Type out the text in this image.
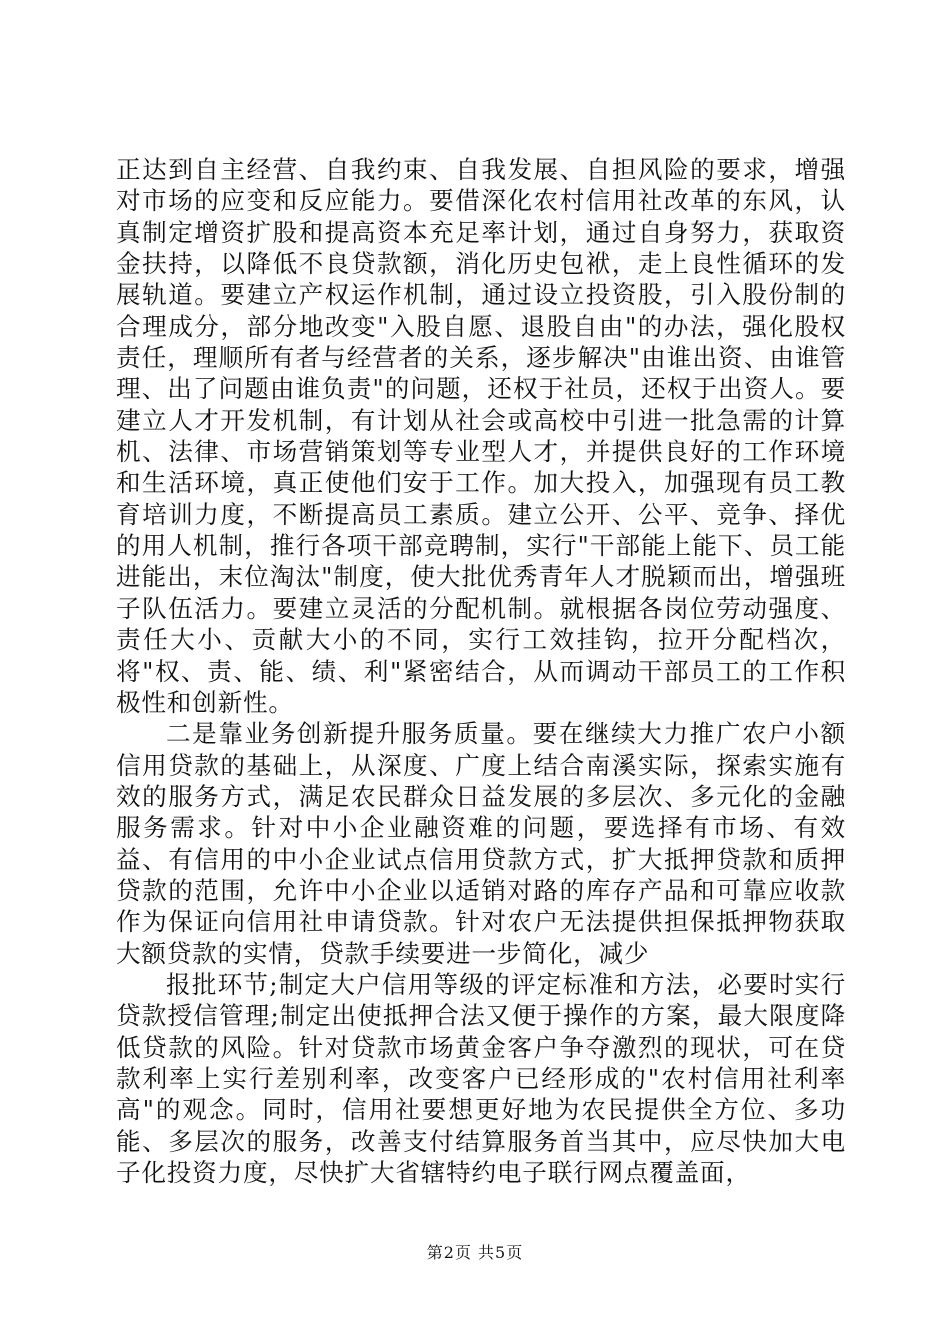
正达到自主经营、自我约束、自我发展、自担风险的要求，增强对市场的应变和反应能力。要借深化农村信用社改革的东风，认真制定增资扩股和提高资本充足率计划，通过自身努力，获取资金扶持，以降低不良贷款额，消化历史包袱，走上良性循环的发展轨道。要建立产权运作机制，通过设立投资股，引入股份制的合理成分，部分地改变"入股自愿、退股自由"的办法，强化股权责任，理顺所有者与经营者的关系，逐步解决"由谁出资、由谁管理、出了问题由谁负责"的问题，还权于社员，还权于出资人。要建立人才开发机制，有计划从社会或高校中引进一批急需的计算机、法律、市场营销策划等专业型人才，并提供良好的工作环境和生活环境，真正使他们安于工作。加大投入，加强现有员工教育培训力度，不断提高员工素质。建立公开、公平、竞争、择优的用人机制，推行各项干部竞聘制，实行"干部能上能下、员工能进能出，末位淘汰"制度，使大批优秀青年人才脱颖而出，增强班子队伍活力。要建立灵活的分配机制。就根据各岗位劳动强度、责任大小、贡献大小的不同，实行工效挂钩，拉开分配档次，将"权、责、能、绩、利"紧密结合，从而调动干部员工的工作积极性和创新性。

二是靠业务创新提升服务质量。要在继续大力推广农户小额信用贷款的基础上，从深度、广度上结合南溪实际，探索实施有效的服务方式，满足农民群众日益发展的多层次、多元化的金融服务需求。针对中小企业融资难的问题，要选择有市场、有效益、有信用的中小企业试点信用贷款方式，扩大抵押贷款和质押贷款的范围，允许中小企业以适销对路的库存产品和可靠应收款作为保证向信用社申请贷款。针对农户无法提供担保抵押物获取大额贷款的实情，贷款手续要进一步简化，减少

报批环节;制定大户信用等级的评定标准和方法，必要时实行贷款授信管理;制定出使抵押合法又便于操作的方案，最大限度降低贷款的风险。针对贷款市场黄金客户争夺激烈的现状，可在贷款利率上实行差别利率，改变客户已经形成的"农村信用社利率高"的观念。同时，信用社要想更好地为农民提供全方位、多功能、多层次的服务，改善支付结算服务首当其中，应尽快加大电子化投资力度，尽快扩大省辖特约电子联行网点覆盖面，

第2页 共5页
